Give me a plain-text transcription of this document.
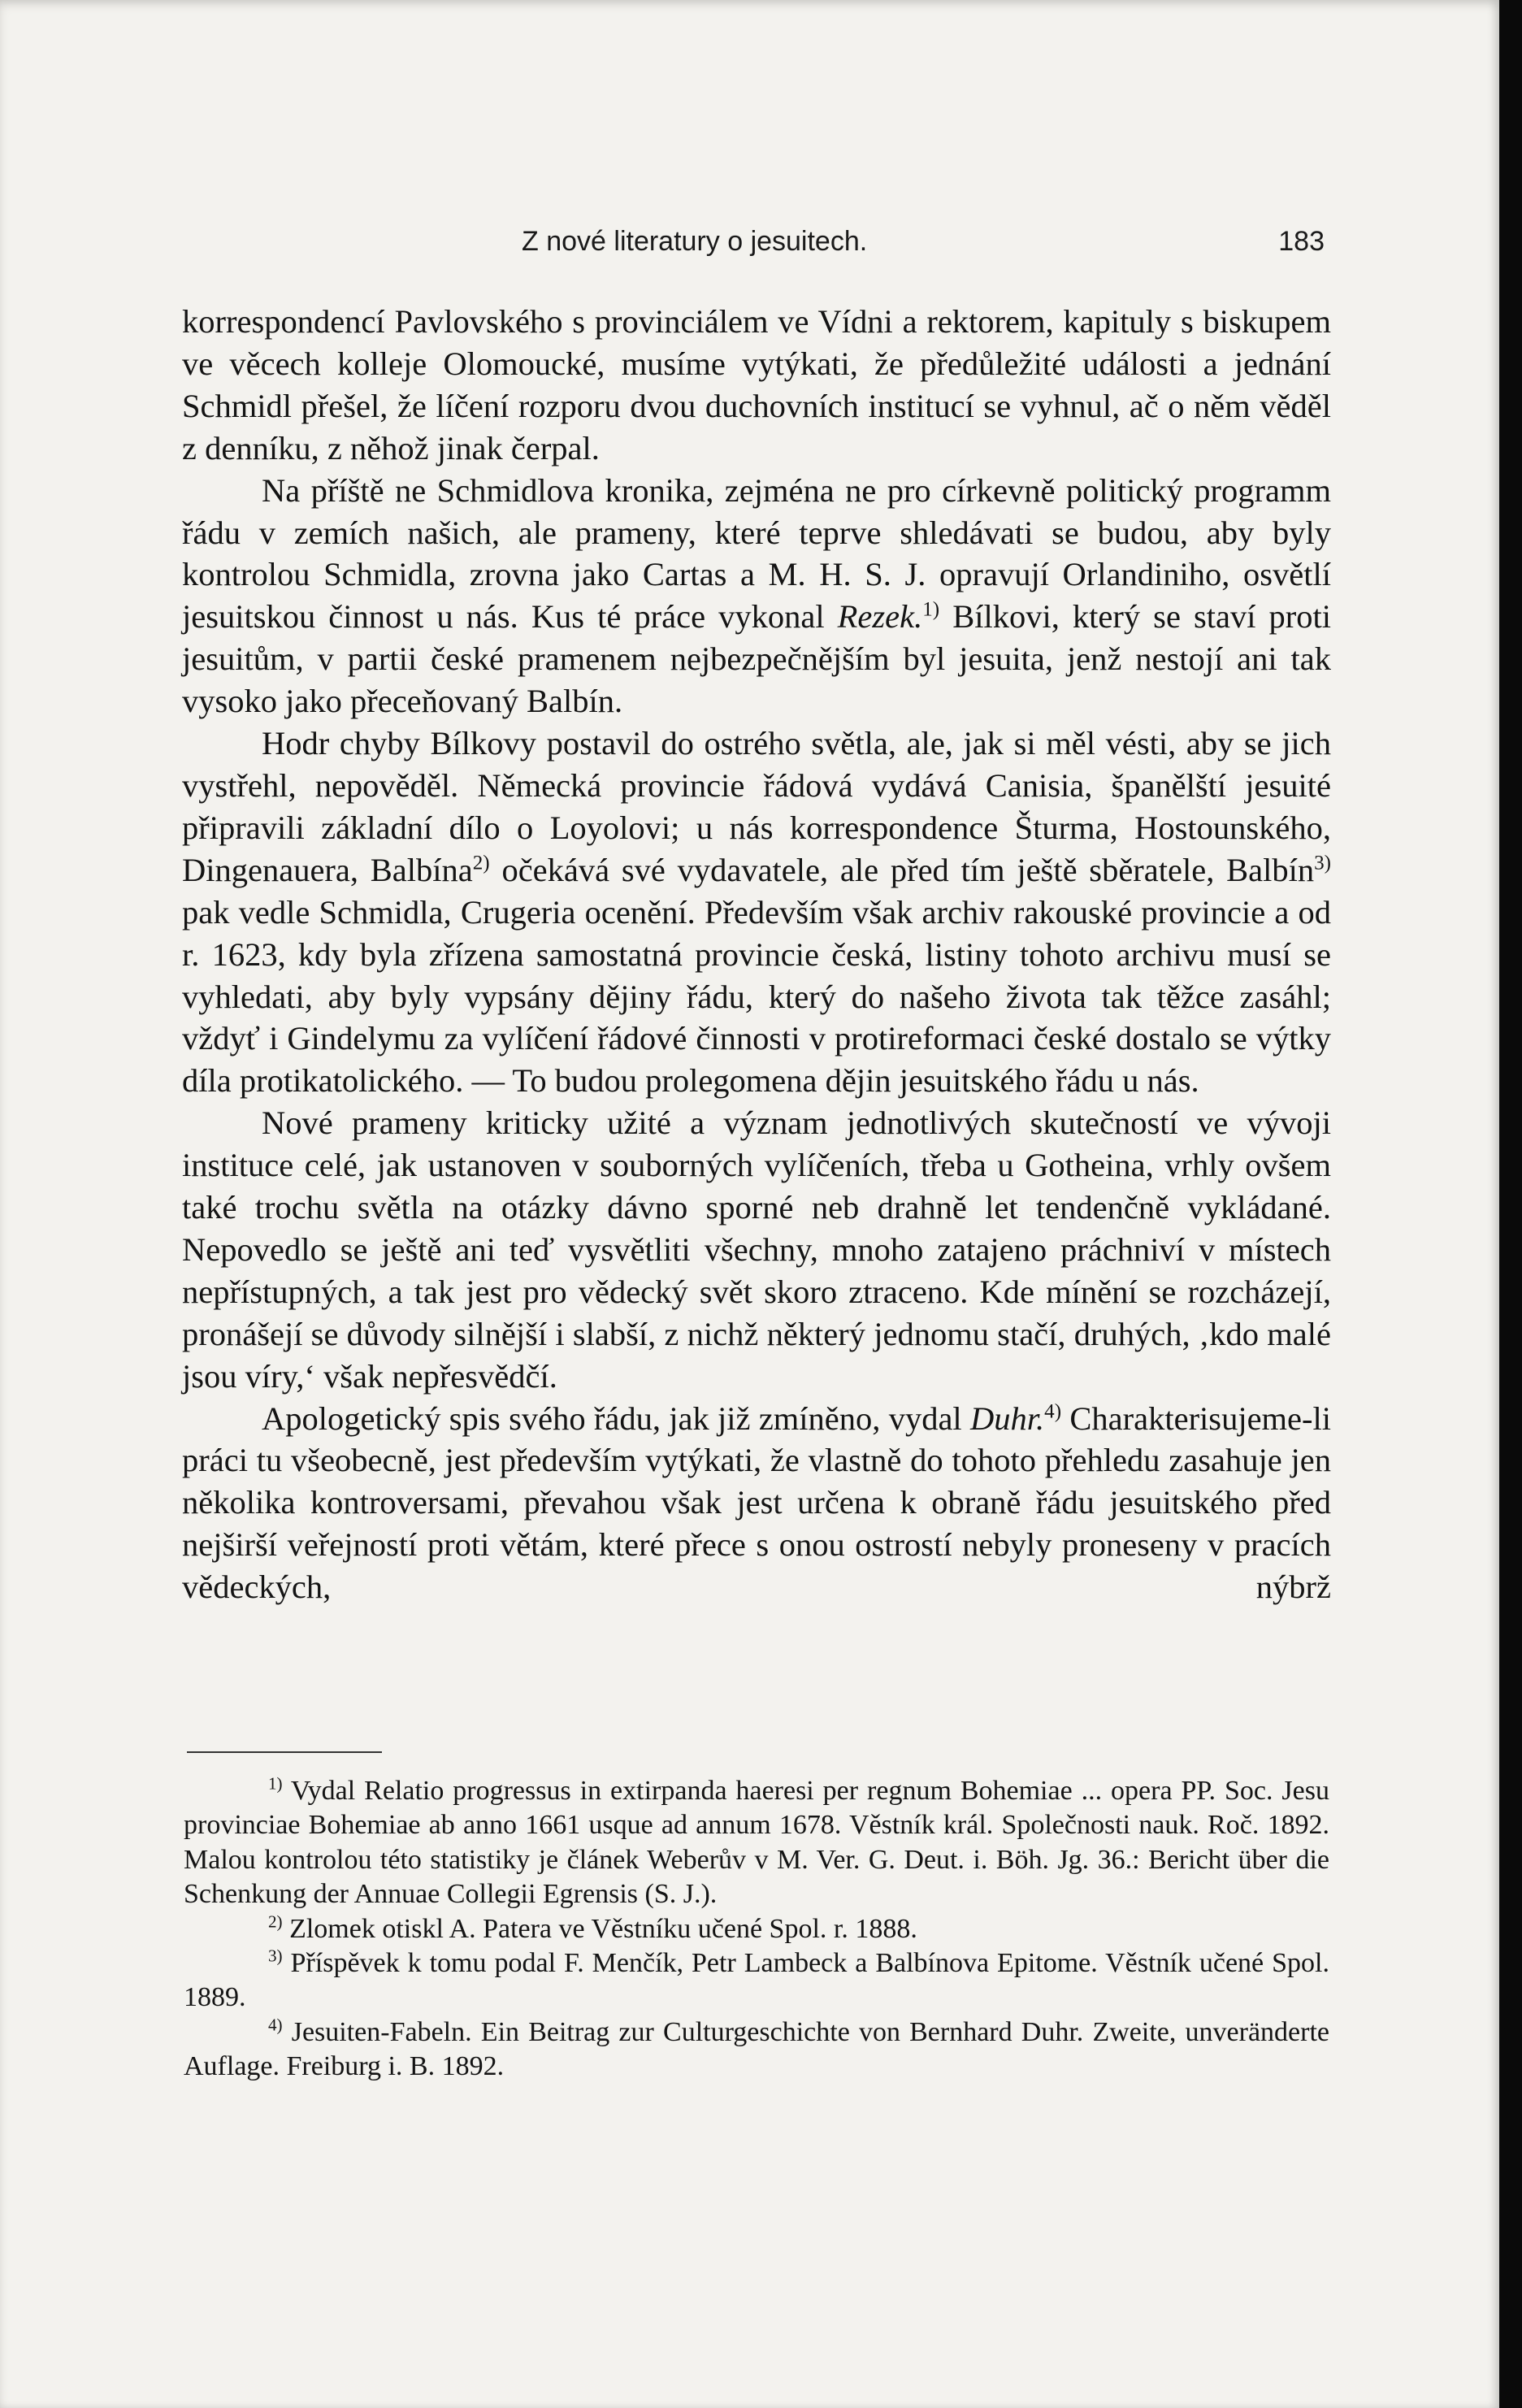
Z nové literatury o jesuitech.	183

korrespondencí Pavlovského s provinciálem ve Vídni a rektorem, kapituly s biskupem ve věcech kolleje Olomoucké, musíme vytýkati, že předůležité události a jednání Schmidl přešel, že líčení rozporu dvou duchovních institucí se vyhnul, ač o něm věděl z denníku, z něhož jinak čerpal.

Na příště ne Schmidlova kronika, zejména ne pro církevně politický programm řádu v zemích našich, ale prameny, které teprve shledávati se budou, aby byly kontrolou Schmidla, zrovna jako Cartas a M. H. S. J. opravují Orlandiniho, osvětlí jesuitskou činnost u nás. Kus té práce vykonal Rezek.$^{1)}$ Bílkovi, který se staví proti jesuitům, v partii české pramenem nejbezpečnějším byl jesuita, jenž nestojí ani tak vysoko jako přeceňovaný Balbín.

Hodr chyby Bílkovy postavil do ostrého světla, ale, jak si měl vésti, aby se jich vystřehl, nepověděl. Německá provincie řádová vydává Canisia, španělští jesuité připravili základní dílo o Loyolovi; u nás korrespondence Šturma, Hostounského, Dingenauera, Balbína$^{2)}$ očekává své vydavatele, ale před tím ještě sběratele, Balbín$^{3)}$ pak vedle Schmidla, Crugeria ocenění. Především však archiv rakouské provincie a od r. 1623, kdy byla zřízena samostatná provincie česká, listiny tohoto archivu musí se vyhledati, aby byly vypsány dějiny řádu, který do našeho života tak těžce zasáhl; vždyť i Gindelymu za vylíčení řádové činnosti v protireformaci české dostalo se výtky díla protikatolického. — To budou prolegomena dějin jesuitského řádu u nás.

Nové prameny kriticky užité a význam jednotlivých skutečností ve vývoji instituce celé, jak ustanoven v souborných vylíčeních, třeba u Gotheina, vrhly ovšem také trochu světla na otázky dávno sporné neb drahně let tendenčně vykládané. Nepovedlo se ještě ani teď vysvětliti všechny, mnoho zatajeno práchniví v místech nepřístupných, a tak jest pro vědecký svět skoro ztraceno. Kde mínění se rozcházejí, pronášejí se důvody silnější i slabší, z nichž některý jednomu stačí, druhých, ‚kdo malé jsou víry,‘ však nepřesvědčí.

Apologetický spis svého řádu, jak již zmíněno, vydal Duhr.$^{4)}$ Charakterisujeme-li práci tu všeobecně, jest především vytýkati, že vlastně do tohoto přehledu zasahuje jen několika kontroversami, převahou však jest určena k obraně řádu jesuitského před nejširší veřejností proti větám, které přece s onou ostrostí nebyly proneseny v pracích vědeckých, nýbrž

$^{1)}$ Vydal Relatio progressus in extirpanda haeresi per regnum Bohemiae ... opera PP. Soc. Jesu provinciae Bohemiae ab anno 1661 usque ad annum 1678. Věstník král. Společnosti nauk. Roč. 1892. Malou kontrolou této statistiky je článek Weberův v M. Ver. G. Deut. i. Böh. Jg. 36.: Bericht über die Schenkung der Annuae Collegii Egrensis (S. J.).

$^{2)}$ Zlomek otiskl A. Patera ve Věstníku učené Spol. r. 1888.

$^{3)}$ Příspěvek k tomu podal F. Menčík, Petr Lambeck a Balbínova Epitome. Věstník učené Spol. 1889.

$^{4)}$ Jesuiten-Fabeln. Ein Beitrag zur Culturgeschichte von Bernhard Duhr. Zweite, unveränderte Auflage. Freiburg i. B. 1892.
